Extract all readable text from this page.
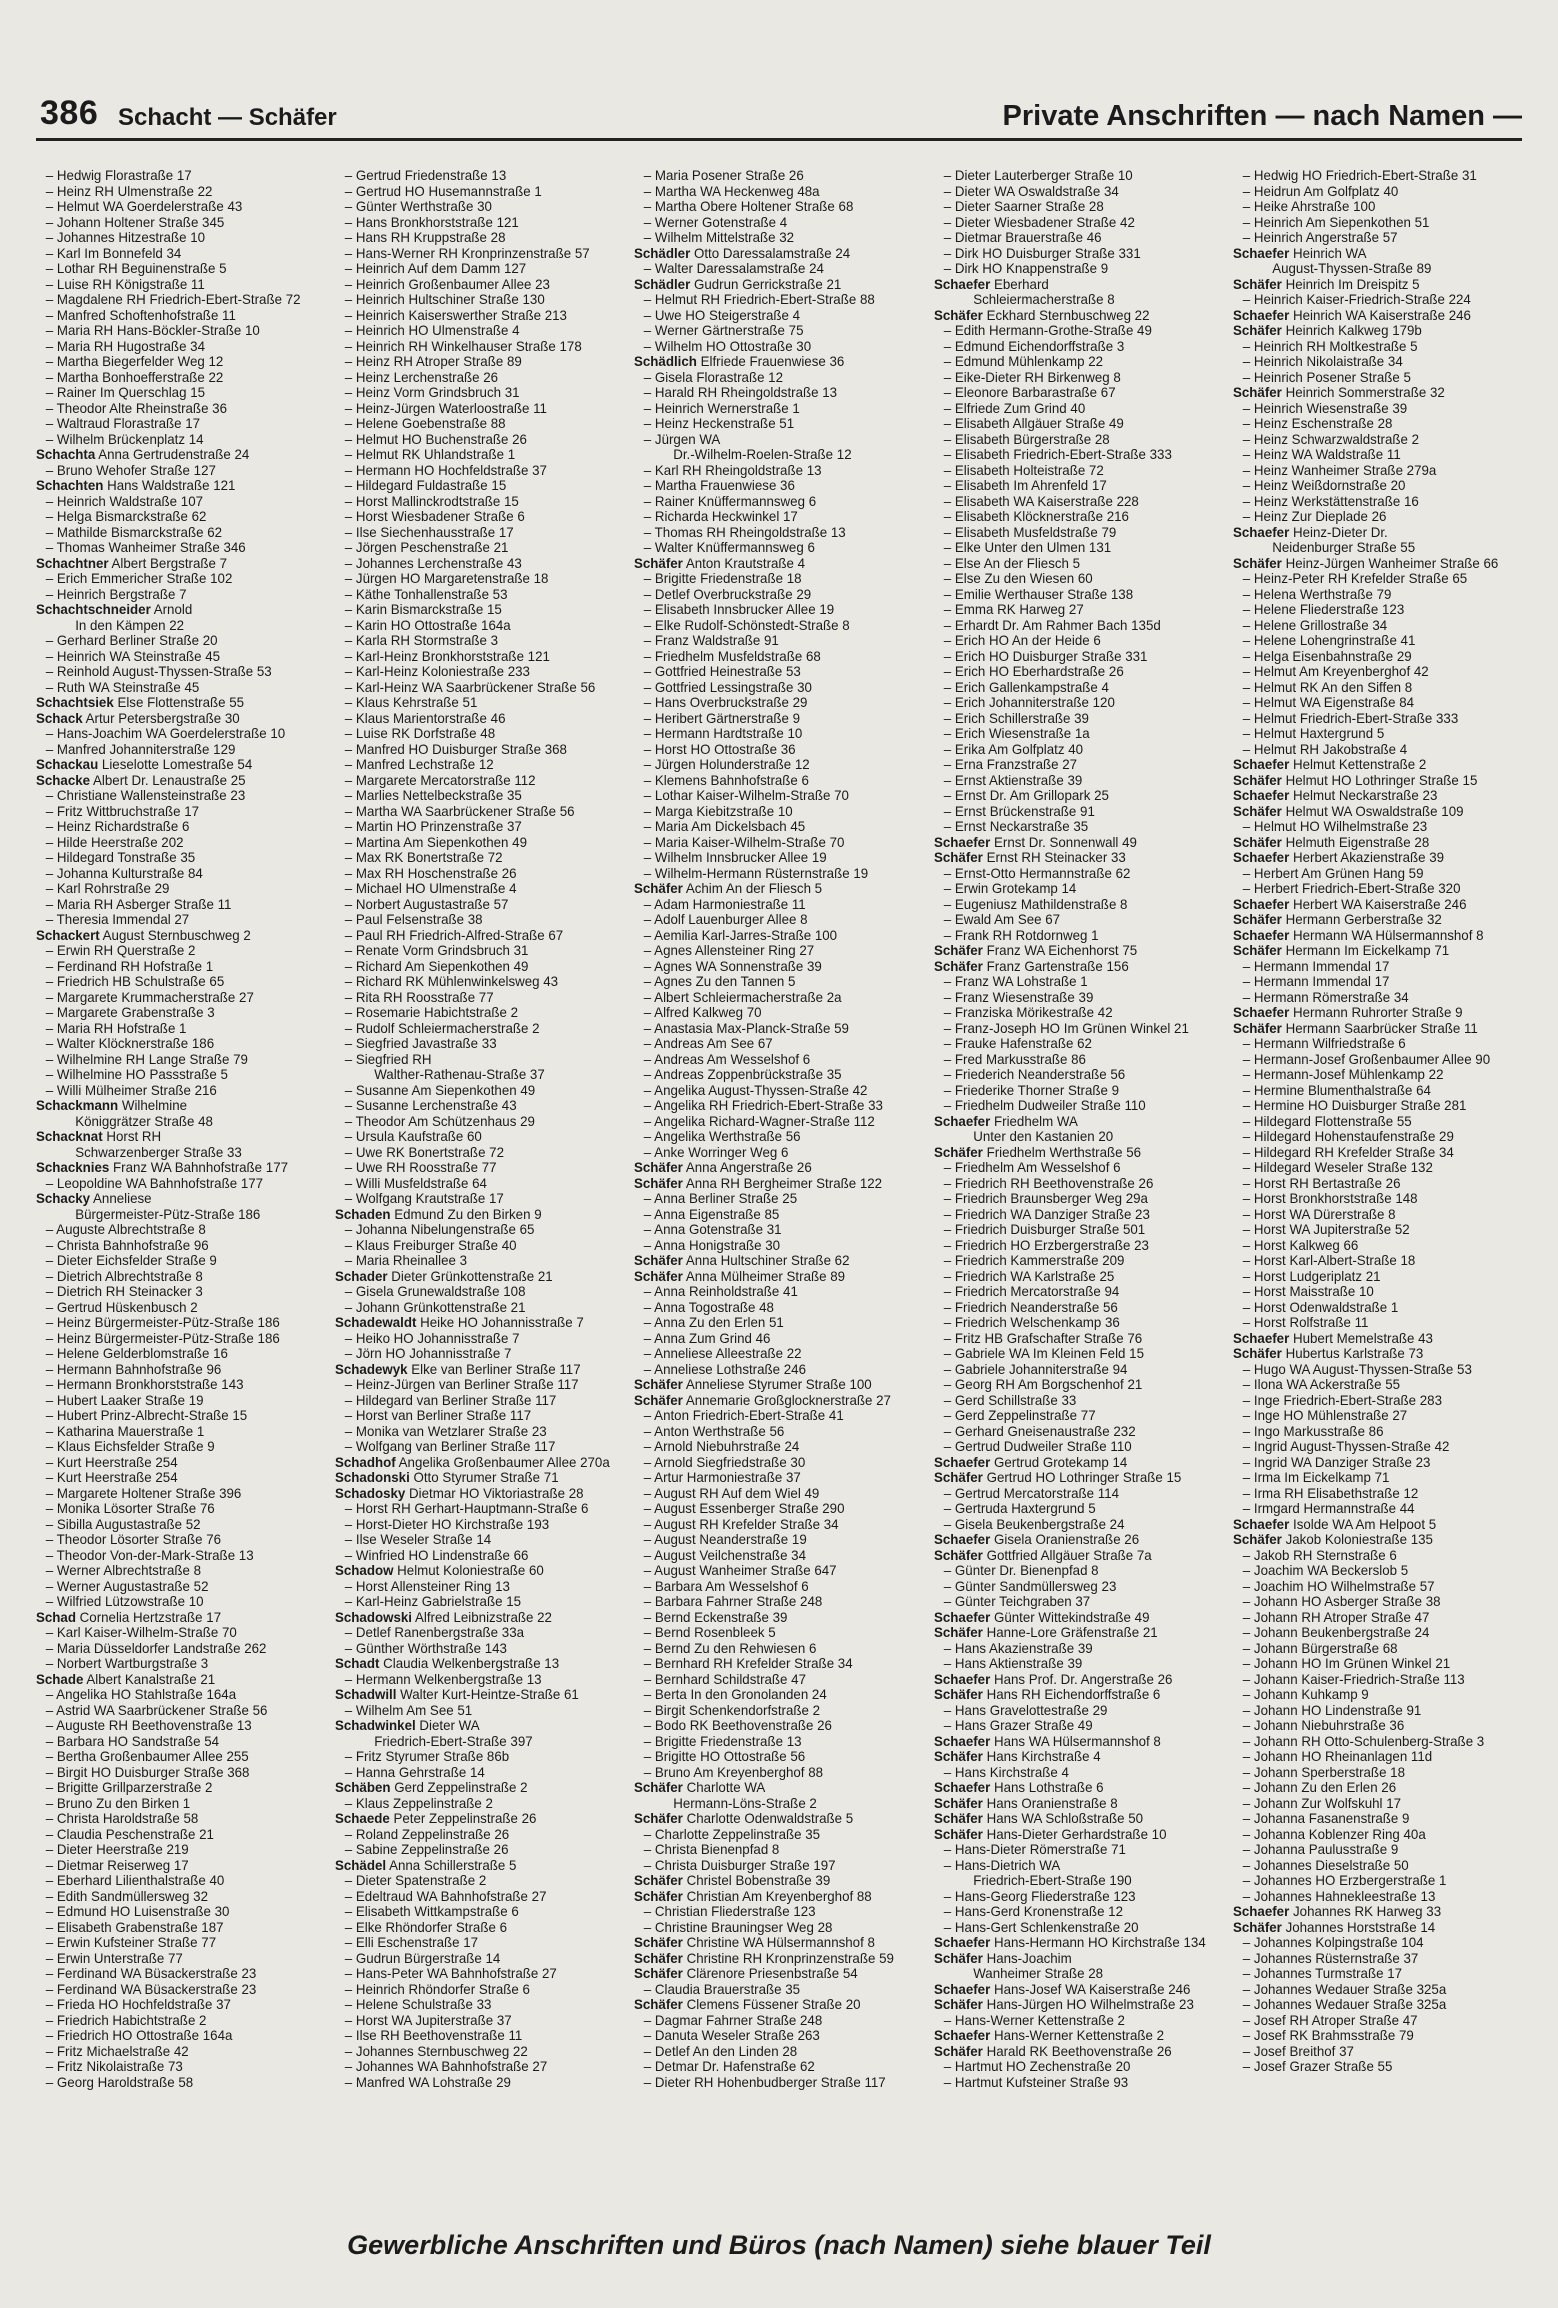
386 Schacht — Schäfer	Private Anschriften — nach Namen —
– Hedwig Florastraße 17
– Heinz RH Ulmenstraße 22
– Helmut WA Goerdelerstraße 43
– Johann Holtener Straße 345
– Johannes Hitzestraße 10
– Karl Im Bonnefeld 34
– Lothar RH Beguinenstraße 5
– Luise RH Königstraße 11
– Magdalene RH Friedrich-Ebert-Straße 72
– Manfred Schoftenhofstraße 11
– Maria RH Hans-Böckler-Straße 10
– Maria RH Hugostraße 34
– Martha Biegerfelder Weg 12
– Martha Bonhoefferstraße 22
– Rainer Im Querschlag 15
– Theodor Alte Rheinstraße 36
– Waltraud Florastraße 17
– Wilhelm Brückenplatz 14
Schachta Anna Gertrudenstraße 24
– Bruno Wehofer Straße 127
Schachten Hans Waldstraße 121
– Heinrich Waldstraße 107
– Helga Bismarckstraße 62
– Mathilde Bismarckstraße 62
– Thomas Wanheimer Straße 346
Schachtner Albert Bergstraße 7
– Erich Emmericher Straße 102
– Heinrich Bergstraße 7
Schachtschneider Arnold
In den Kämpen 22
– Gerhard Berliner Straße 20
– Heinrich WA Steinstraße 45
– Reinhold August-Thyssen-Straße 53
– Ruth WA Steinstraße 45
Schachtsiek Else Flottenstraße 55
Schack Artur Petersbergstraße 30
– Hans-Joachim WA Goerdelerstraße 10
– Manfred Johanniterstraße 129
Schackau Lieselotte Lomestraße 54
Schacke Albert Dr. Lenaustraße 25
– Christiane Wallensteinstraße 23
– Fritz Wittbruchstraße 17
– Heinz Richardstraße 6
– Hilde Heerstraße 202
– Hildegard Tonstraße 35
– Johanna Kulturstraße 84
– Karl Rohrstraße 29
– Maria RH Asberger Straße 11
– Theresia Immendal 27
Schackert August Sternbuschweg 2
– Erwin RH Querstraße 2
– Ferdinand RH Hofstraße 1
– Friedrich HB Schulstraße 65
– Margarete Krummacherstraße 27
– Margarete Grabenstraße 3
– Maria RH Hofstraße 1
– Walter Klöcknerstraße 186
– Wilhelmine RH Lange Straße 79
– Wilhelmine HO Passstraße 5
– Willi Mülheimer Straße 216
Schackmann Wilhelmine
Königgrätzer Straße 48
Schacknat Horst RH
Schwarzenberger Straße 33
Schacknies Franz WA Bahnhofstraße 177
– Leopoldine WA Bahnhofstraße 177
Schacky Anneliese
Bürgermeister-Pütz-Straße 186
– Auguste Albrechtstraße 8
– Christa Bahnhofstraße 96
– Dieter Eichsfelder Straße 9
– Dietrich Albrechtstraße 8
– Dietrich RH Steinacker 3
– Gertrud Hüskenbusch 2
– Heinz Bürgermeister-Pütz-Straße 186
– Heinz Bürgermeister-Pütz-Straße 186
– Helene Gelderblomstraße 16
– Hermann Bahnhofstraße 96
– Hermann Bronkhorststraße 143
– Hubert Laaker Straße 19
– Hubert Prinz-Albrecht-Straße 15
– Katharina Mauerstraße 1
– Klaus Eichsfelder Straße 9
– Kurt Heerstraße 254
– Kurt Heerstraße 254
– Margarete Holtener Straße 396
– Monika Lösorter Straße 76
– Sibilla Augustastraße 52
– Theodor Lösorter Straße 76
– Theodor Von-der-Mark-Straße 13
– Werner Albrechtstraße 8
– Werner Augustastraße 52
– Wilfried Lützowstraße 10
Schad Cornelia Hertzstraße 17
– Karl Kaiser-Wilhelm-Straße 70
– Maria Düsseldorfer Landstraße 262
– Norbert Wartburgstraße 3
Schade Albert Kanalstraße 21
– Angelika HO Stahlstraße 164a
– Astrid WA Saarbrückener Straße 56
– Auguste RH Beethovenstraße 13
– Barbara HO Sandstraße 54
– Bertha Großenbaumer Allee 255
– Birgit HO Duisburger Straße 368
– Brigitte Grillparzerstraße 2
– Bruno Zu den Birken 1
– Christa Haroldstraße 58
– Claudia Peschenstraße 21
– Dieter Heerstraße 219
– Dietmar Reiserweg 17
– Eberhard Lilienthalstraße 40
– Edith Sandmüllersweg 32
– Edmund HO Luisenstraße 30
– Elisabeth Grabenstraße 187
– Erwin Kufsteiner Straße 77
– Erwin Unterstraße 77
– Ferdinand WA Büsackerstraße 23
– Ferdinand WA Büsackerstraße 23
– Frieda HO Hochfeldstraße 37
– Friedrich Habichtstraße 2
– Friedrich HO Ottostraße 164a
– Fritz Michaelstraße 42
– Fritz Nikolaistraße 73
– Georg Haroldstraße 58
– Gertrud Friedenstraße 13
– Gertrud HO Husemannstraße 1
– Günter Werthstraße 30
– Hans Bronkhorststraße 121
– Hans RH Kruppstraße 28
– Hans-Werner RH Kronprinzenstraße 57
– Heinrich Auf dem Damm 127
– Heinrich Großenbaumer Allee 23
– Heinrich Hultschiner Straße 130
– Heinrich Kaiserswerther Straße 213
– Heinrich HO Ulmenstraße 4
– Heinrich RH Winkelhauser Straße 178
– Heinz RH Atroper Straße 89
– Heinz Lerchenstraße 26
– Heinz Vorm Grindsbruch 31
– Heinz-Jürgen Waterloostraße 11
– Helene Goebenstraße 88
– Helmut HO Buchenstraße 26
– Helmut RK Uhlandstraße 1
– Hermann HO Hochfeldstraße 37
– Hildegard Fuldastraße 15
– Horst Mallinckrodtstraße 15
– Horst Wiesbadener Straße 6
– Ilse Siechenhausstraße 17
– Jörgen Peschenstraße 21
– Johannes Lerchenstraße 43
– Jürgen HO Margaretenstraße 18
– Käthe Tonhallenstraße 53
– Karin Bismarckstraße 15
– Karin HO Ottostraße 164a
– Karla RH Stormstraße 3
– Karl-Heinz Bronkhorststraße 121
– Karl-Heinz Koloniestraße 233
– Karl-Heinz WA Saarbrückener Straße 56
– Klaus Kehrstraße 51
– Klaus Marientorstraße 46
– Luise RK Dorfstraße 48
– Manfred HO Duisburger Straße 368
– Manfred Lechstraße 12
– Margarete Mercatorstraße 112
– Marlies Nettelbeckstraße 35
– Martha WA Saarbrückener Straße 56
– Martin HO Prinzenstraße 37
– Martina Am Siepenkothen 49
– Max RK Bonertstraße 72
– Max RH Hoschenstraße 26
– Michael HO Ulmenstraße 4
– Norbert Augustastraße 57
– Paul Felsenstraße 38
– Paul RH Friedrich-Alfred-Straße 67
– Renate Vorm Grindsbruch 31
– Richard Am Siepenkothen 49
– Richard RK Mühlenwinkelsweg 43
– Rita RH Roosstraße 77
– Rosemarie Habichtstraße 2
– Rudolf Schleiermacherstraße 2
– Siegfried Javastraße 33
– Siegfried RH
Walther-Rathenau-Straße 37
– Susanne Am Siepenkothen 49
– Susanne Lerchenstraße 43
– Theodor Am Schützenhaus 29
– Ursula Kaufstraße 60
– Uwe RK Bonertstraße 72
– Uwe RH Roosstraße 77
– Willi Musfeldstraße 64
– Wolfgang Krautstraße 17
Schaden Edmund Zu den Birken 9
– Johanna Nibelungenstraße 65
– Klaus Freiburger Straße 40
– Maria Rheinallee 3
Schader Dieter Grünkottenstraße 21
– Gisela Grunewaldstraße 108
– Johann Grünkottenstraße 21
Schadewaldt Heike HO Johannisstraße 7
– Heiko HO Johannisstraße 7
– Jörn HO Johannisstraße 7
Schadewyk Elke van Berliner Straße 117
– Heinz-Jürgen van Berliner Straße 117
– Hildegard van Berliner Straße 117
– Horst van Berliner Straße 117
– Monika van Wetzlarer Straße 23
– Wolfgang van Berliner Straße 117
Schadhof Angelika Großenbaumer Allee 270a
Schadonski Otto Styrumer Straße 71
Schadosky Dietmar HO Viktoriastraße 28
– Horst RH Gerhart-Hauptmann-Straße 6
– Horst-Dieter HO Kirchstraße 193
– Ilse Weseler Straße 14
– Winfried HO Lindenstraße 66
Schadow Helmut Koloniestraße 60
– Horst Allensteiner Ring 13
– Karl-Heinz Gabrielstraße 15
Schadowski Alfred Leibnizstraße 22
– Detlef Ranenbergstraße 33a
– Günther Wörthstraße 143
Schadt Claudia Welkenbergstraße 13
– Hermann Welkenbergstraße 13
Schadwill Walter Kurt-Heintze-Straße 61
– Wilhelm Am See 51
Schadwinkel Dieter WA
Friedrich-Ebert-Straße 397
– Fritz Styrumer Straße 86b
– Hanna Gehrstraße 14
Schäben Gerd Zeppelinstraße 2
– Klaus Zeppelinstraße 2
Schaede Peter Zeppelinstraße 26
– Roland Zeppelinstraße 26
– Sabine Zeppelinstraße 26
Schädel Anna Schillerstraße 5
– Dieter Spatenstraße 2
– Edeltraud WA Bahnhofstraße 27
– Elisabeth Wittkampstraße 6
– Elke Rhöndorfer Straße 6
– Elli Eschenstraße 17
– Gudrun Bürgerstraße 14
– Hans-Peter WA Bahnhofstraße 27
– Heinrich Rhöndorfer Straße 6
– Helene Schulstraße 33
– Horst WA Jupiterstraße 37
– Ilse RH Beethovenstraße 11
– Johannes Sternbuschweg 22
– Johannes WA Bahnhofstraße 27
– Manfred WA Lohstraße 29
– Maria Posener Straße 26
– Martha WA Heckenweg 48a
– Martha Obere Holtener Straße 68
– Werner Gotenstraße 4
– Wilhelm Mittelstraße 32
Schädler Otto Daressalamstraße 24
– Walter Daressalamstraße 24
Schädler Gudrun Gerrickstraße 21
– Helmut RH Friedrich-Ebert-Straße 88
– Uwe HO Steigerstraße 4
– Werner Gärtnerstraße 75
– Wilhelm HO Ottostraße 30
Schädlich Elfriede Frauenwiese 36
– Gisela Florastraße 12
– Harald RH Rheingoldstraße 13
– Heinrich Wernerstraße 1
– Heinz Heckenstraße 51
– Jürgen WA
Dr.-Wilhelm-Roelen-Straße 12
– Karl RH Rheingoldstraße 13
– Martha Frauenwiese 36
– Rainer Knüffermannsweg 6
– Richarda Heckwinkel 17
– Thomas RH Rheingoldstraße 13
– Walter Knüffermannsweg 6
Schäfer Anton Krautstraße 4
– Brigitte Friedenstraße 18
– Detlef Overbruckstraße 29
– Elisabeth Innsbrucker Allee 19
– Elke Rudolf-Schönstedt-Straße 8
– Franz Waldstraße 91
– Friedhelm Musfeldstraße 68
– Gottfried Heinestraße 53
– Gottfried Lessingstraße 30
– Hans Overbruckstraße 29
– Heribert Gärtnerstraße 9
– Hermann Hardtstraße 10
– Horst HO Ottostraße 36
– Jürgen Holunderstraße 12
– Klemens Bahnhofstraße 6
– Lothar Kaiser-Wilhelm-Straße 70
– Marga Kiebitzstraße 10
– Maria Am Dickelsbach 45
– Maria Kaiser-Wilhelm-Straße 70
– Wilhelm Innsbrucker Allee 19
– Wilhelm-Hermann Rüsternstraße 19
Schäfer Achim An der Fliesch 5
– Adam Harmoniestraße 11
– Adolf Lauenburger Allee 8
– Aemilia Karl-Jarres-Straße 100
– Agnes Allensteiner Ring 27
– Agnes WA Sonnenstraße 39
– Agnes Zu den Tannen 5
– Albert Schleiermacherstraße 2a
– Alfred Kalkweg 70
– Anastasia Max-Planck-Straße 59
– Andreas Am See 67
– Andreas Am Wesselshof 6
– Andreas Zoppenbrückstraße 35
– Angelika August-Thyssen-Straße 42
– Angelika RH Friedrich-Ebert-Straße 33
– Angelika Richard-Wagner-Straße 112
– Angelika Werthstraße 56
– Anke Worringer Weg 6
Schäfer Anna Angerstraße 26
Schäfer Anna RH Bergheimer Straße 122
– Anna Berliner Straße 25
– Anna Eigenstraße 85
– Anna Gotenstraße 31
– Anna Honigstraße 30
Schäfer Anna Hultschiner Straße 62
Schäfer Anna Mülheimer Straße 89
– Anna Reinholdstraße 41
– Anna Togostraße 48
– Anna Zu den Erlen 51
– Anna Zum Grind 46
– Anneliese Alleestraße 22
– Anneliese Lothstraße 246
Schäfer Anneliese Styrumer Straße 100
Schäfer Annemarie Großglocknerstraße 27
– Anton Friedrich-Ebert-Straße 41
– Anton Werthstraße 56
– Arnold Niebuhrstraße 24
– Arnold Siegfriedstraße 30
– Artur Harmoniestraße 37
– August RH Auf dem Wiel 49
– August Essenberger Straße 290
– August RH Krefelder Straße 34
– August Neanderstraße 19
– August Veilchenstraße 34
– August Wanheimer Straße 647
– Barbara Am Wesselshof 6
– Barbara Fahrner Straße 248
– Bernd Eckenstraße 39
– Bernd Rosenbleek 5
– Bernd Zu den Rehwiesen 6
– Bernhard RH Krefelder Straße 34
– Bernhard Schildstraße 47
– Berta In den Gronolanden 24
– Birgit Schenkendorfstraße 2
– Bodo RK Beethovenstraße 26
– Brigitte Friedenstraße 13
– Brigitte HO Ottostraße 56
– Bruno Am Kreyenberghof 88
Schäfer Charlotte WA
Hermann-Löns-Straße 2
Schäfer Charlotte Odenwaldstraße 5
– Charlotte Zeppelinstraße 35
– Christa Bienenpfad 8
– Christa Duisburger Straße 197
Schäfer Christel Bobenstraße 39
Schäfer Christian Am Kreyenberghof 88
– Christian Fliederstraße 123
– Christine Brauningser Weg 28
Schäfer Christine WA Hülsermannshof 8
Schäfer Christine RH Kronprinzenstraße 59
Schäfer Clärenore Priesenbstraße 54
– Claudia Brauerstraße 35
Schäfer Clemens Füssener Straße 20
– Dagmar Fahrner Straße 248
– Danuta Weseler Straße 263
– Detlef An den Linden 28
– Detmar Dr. Hafenstraße 62
– Dieter RH Hohenbudberger Straße 117
– Dieter Lauterberger Straße 10
– Dieter WA Oswaldstraße 34
– Dieter Saarner Straße 28
– Dieter Wiesbadener Straße 42
– Dietmar Brauerstraße 46
– Dirk HO Duisburger Straße 331
– Dirk HO Knappenstraße 9
Schaefer Eberhard
Schleiermacherstraße 8
Schäfer Eckhard Sternbuschweg 22
– Edith Hermann-Grothe-Straße 49
– Edmund Eichendorffstraße 3
– Edmund Mühlenkamp 22
– Eike-Dieter RH Birkenweg 8
– Eleonore Barbarastraße 67
– Elfriede Zum Grind 40
– Elisabeth Allgäuer Straße 49
– Elisabeth Bürgerstraße 28
– Elisabeth Friedrich-Ebert-Straße 333
– Elisabeth Holteistraße 72
– Elisabeth Im Ahrenfeld 17
– Elisabeth WA Kaiserstraße 228
– Elisabeth Klöcknerstraße 216
– Elisabeth Musfeldstraße 79
– Elke Unter den Ulmen 131
– Else An der Fliesch 5
– Else Zu den Wiesen 60
– Emilie Werthauser Straße 138
– Emma RK Harweg 27
– Erhardt Dr. Am Rahmer Bach 135d
– Erich HO An der Heide 6
– Erich HO Duisburger Straße 331
– Erich HO Eberhardstraße 26
– Erich Gallenkampstraße 4
– Erich Johanniterstraße 120
– Erich Schillerstraße 39
– Erich Wiesenstraße 1a
– Erika Am Golfplatz 40
– Erna Franzstraße 27
– Ernst Aktienstraße 39
– Ernst Dr. Am Grillopark 25
– Ernst Brückenstraße 91
– Ernst Neckarstraße 35
Schaefer Ernst Dr. Sonnenwall 49
Schäfer Ernst RH Steinacker 33
– Ernst-Otto Hermannstraße 62
– Erwin Grotekamp 14
– Eugeniusz Mathildenstraße 8
– Ewald Am See 67
– Frank RH Rotdornweg 1
Schäfer Franz WA Eichenhorst 75
Schäfer Franz Gartenstraße 156
– Franz WA Lohstraße 1
– Franz Wiesenstraße 39
– Franziska Mörikestraße 42
– Franz-Joseph HO Im Grünen Winkel 21
– Frauke Hafenstraße 62
– Fred Markusstraße 86
– Friederich Neanderstraße 56
– Friederike Thorner Straße 9
– Friedhelm Dudweiler Straße 110
Schaefer Friedhelm WA
Unter den Kastanien 20
Schäfer Friedhelm Werthstraße 56
– Friedhelm Am Wesselshof 6
– Friedrich RH Beethovenstraße 26
– Friedrich Braunsberger Weg 29a
– Friedrich WA Danziger Straße 23
– Friedrich Duisburger Straße 501
– Friedrich HO Erzbergerstraße 23
– Friedrich Kammerstraße 209
– Friedrich WA Karlstraße 25
– Friedrich Mercatorstraße 94
– Friedrich Neanderstraße 56
– Friedrich Welschenkamp 36
– Fritz HB Grafschafter Straße 76
– Gabriele WA Im Kleinen Feld 15
– Gabriele Johanniterstraße 94
– Georg RH Am Borgschenhof 21
– Gerd Schillstraße 33
– Gerd Zeppelinstraße 77
– Gerhard Gneisenaustraße 232
– Gertrud Dudweiler Straße 110
Schaefer Gertrud Grotekamp 14
Schäfer Gertrud HO Lothringer Straße 15
– Gertrud Mercatorstraße 114
– Gertruda Haxtergrund 5
– Gisela Beukenbergstraße 24
Schaefer Gisela Oranienstraße 26
Schäfer Gottfried Allgäuer Straße 7a
– Günter Dr. Bienenpfad 8
– Günter Sandmüllersweg 23
– Günter Teichgraben 37
Schaefer Günter Wittekindstraße 49
Schäfer Hanne-Lore Gräfenstraße 21
– Hans Akazienstraße 39
– Hans Aktienstraße 39
Schaefer Hans Prof. Dr. Angerstraße 26
Schäfer Hans RH Eichendorffstraße 6
– Hans Gravelottestraße 29
– Hans Grazer Straße 49
Schaefer Hans WA Hülsermannshof 8
Schäfer Hans Kirchstraße 4
– Hans Kirchstraße 4
Schaefer Hans Lothstraße 6
Schäfer Hans Oranienstraße 8
Schäfer Hans WA Schloßstraße 50
Schäfer Hans-Dieter Gerhardstraße 10
– Hans-Dieter Römerstraße 71
– Hans-Dietrich WA
Friedrich-Ebert-Straße 190
– Hans-Georg Fliederstraße 123
– Hans-Gerd Kronenstraße 12
– Hans-Gert Schlenkenstraße 20
Schaefer Hans-Hermann HO Kirchstraße 134
Schäfer Hans-Joachim
Wanheimer Straße 28
Schaefer Hans-Josef WA Kaiserstraße 246
Schäfer Hans-Jürgen HO Wilhelmstraße 23
– Hans-Werner Kettenstraße 2
Schaefer Hans-Werner Kettenstraße 2
Schäfer Harald RK Beethovenstraße 26
– Hartmut HO Zechenstraße 20
– Hartmut Kufsteiner Straße 93
– Hedwig HO Friedrich-Ebert-Straße 31
– Heidrun Am Golfplatz 40
– Heike Ahrstraße 100
– Heinrich Am Siepenkothen 51
– Heinrich Angerstraße 57
Schaefer Heinrich WA
August-Thyssen-Straße 89
Schäfer Heinrich Im Dreispitz 5
– Heinrich Kaiser-Friedrich-Straße 224
Schaefer Heinrich WA Kaiserstraße 246
Schäfer Heinrich Kalkweg 179b
– Heinrich RH Moltkestraße 5
– Heinrich Nikolaistraße 34
– Heinrich Posener Straße 5
Schäfer Heinrich Sommerstraße 32
– Heinrich Wiesenstraße 39
– Heinz Eschenstraße 28
– Heinz Schwarzwaldstraße 2
– Heinz WA Waldstraße 11
– Heinz Wanheimer Straße 279a
– Heinz Weißdornstraße 20
– Heinz Werkstättenstraße 16
– Heinz Zur Dieplade 26
Schaefer Heinz-Dieter Dr.
Neidenburger Straße 55
Schäfer Heinz-Jürgen Wanheimer Straße 66
– Heinz-Peter RH Krefelder Straße 65
– Helena Werthstraße 79
– Helene Fliederstraße 123
– Helene Grillostraße 34
– Helene Lohengrinstraße 41
– Helga Eisenbahnstraße 29
– Helmut Am Kreyenberghof 42
– Helmut RK An den Siffen 8
– Helmut WA Eigenstraße 84
– Helmut Friedrich-Ebert-Straße 333
– Helmut Haxtergrund 5
– Helmut RH Jakobstraße 4
Schaefer Helmut Kettenstraße 2
Schäfer Helmut HO Lothringer Straße 15
Schaefer Helmut Neckarstraße 23
Schäfer Helmut WA Oswaldstraße 109
– Helmut HO Wilhelmstraße 23
Schäfer Helmuth Eigenstraße 28
Schaefer Herbert Akazienstraße 39
– Herbert Am Grünen Hang 59
– Herbert Friedrich-Ebert-Straße 320
Schaefer Herbert WA Kaiserstraße 246
Schäfer Hermann Gerberstraße 32
Schaefer Hermann WA Hülsermannshof 8
Schäfer Hermann Im Eickelkamp 71
– Hermann Immendal 17
– Hermann Immendal 17
– Hermann Römerstraße 34
Schaefer Hermann Ruhrorter Straße 9
Schäfer Hermann Saarbrücker Straße 11
– Hermann Wilfriedstraße 6
– Hermann-Josef Großenbaumer Allee 90
– Hermann-Josef Mühlenkamp 22
– Hermine Blumenthalstraße 64
– Hermine HO Duisburger Straße 281
– Hildegard Flottenstraße 55
– Hildegard Hohenstaufenstraße 29
– Hildegard RH Krefelder Straße 34
– Hildegard Weseler Straße 132
– Horst RH Bertastraße 26
– Horst Bronkhorststraße 148
– Horst WA Dürerstraße 8
– Horst WA Jupiterstraße 52
– Horst Kalkweg 66
– Horst Karl-Albert-Straße 18
– Horst Ludgeriplatz 21
– Horst Maisstraße 10
– Horst Odenwaldstraße 1
– Horst Rolfstraße 11
Schaefer Hubert Memelstraße 43
Schäfer Hubertus Karlstraße 73
– Hugo WA August-Thyssen-Straße 53
– Ilona WA Ackerstraße 55
– Inge Friedrich-Ebert-Straße 283
– Inge HO Mühlenstraße 27
– Ingo Markusstraße 86
– Ingrid August-Thyssen-Straße 42
– Ingrid WA Danziger Straße 23
– Irma Im Eickelkamp 71
– Irma RH Elisabethstraße 12
– Irmgard Hermannstraße 44
Schaefer Isolde WA Am Helpoot 5
Schäfer Jakob Koloniestraße 135
– Jakob RH Sternstraße 6
– Joachim WA Beckerslob 5
– Joachim HO Wilhelmstraße 57
– Johann HO Asberger Straße 38
– Johann RH Atroper Straße 47
– Johann Beukenbergstraße 24
– Johann Bürgerstraße 68
– Johann HO Im Grünen Winkel 21
– Johann Kaiser-Friedrich-Straße 113
– Johann Kuhkamp 9
– Johann HO Lindenstraße 91
– Johann Niebuhrstraße 36
– Johann RH Otto-Schulenberg-Straße 3
– Johann HO Rheinanlagen 11d
– Johann Sperberstraße 18
– Johann Zu den Erlen 26
– Johann Zur Wolfskuhl 17
– Johanna Fasanenstraße 9
– Johanna Koblenzer Ring 40a
– Johanna Paulusstraße 9
– Johannes Dieselstraße 50
– Johannes HO Erzbergerstraße 1
– Johannes Hahnekleestraße 13
Schaefer Johannes RK Harweg 33
Schäfer Johannes Horststraße 14
– Johannes Kolpingstraße 104
– Johannes Rüsternstraße 37
– Johannes Turmstraße 17
– Johannes Wedauer Straße 325a
– Johannes Wedauer Straße 325a
– Josef RH Atroper Straße 47
– Josef RK Brahmsstraße 79
– Josef Breithof 37
– Josef Grazer Straße 55
Gewerbliche Anschriften und Büros (nach Namen) siehe blauer Teil
